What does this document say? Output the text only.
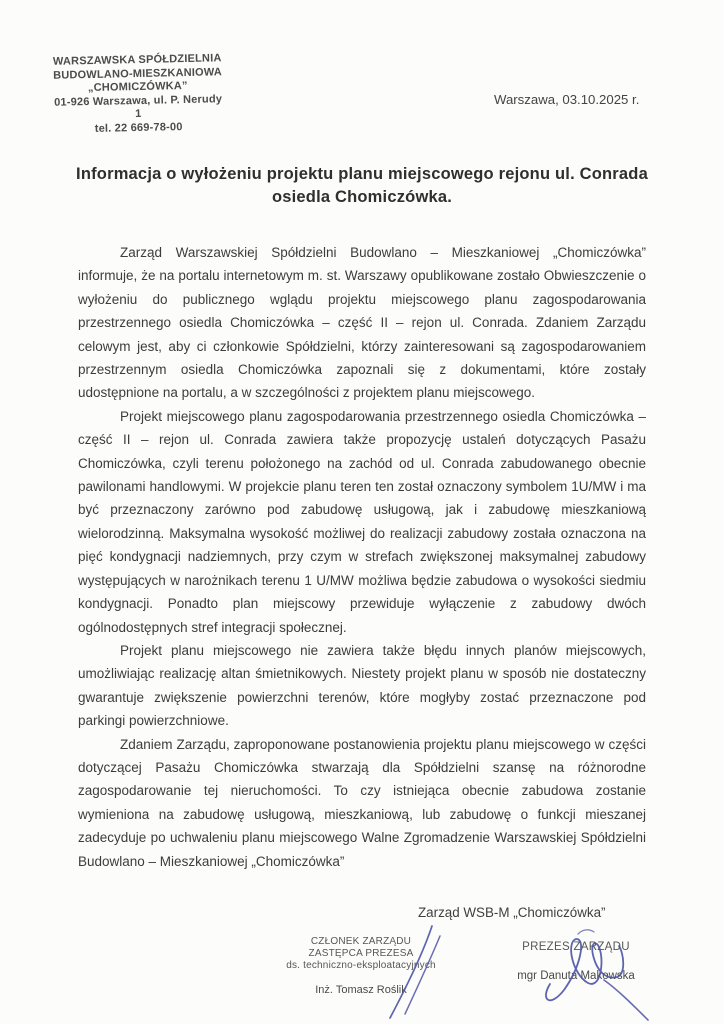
WARSZAWSKA SPÓŁDZIELNIA
BUDOWLANO-MIESZKANIOWA
„CHOMICZÓWKA”
01-926 Warszawa, ul. P. Nerudy 1
tel. 22 669-78-00
Warszawa, 03.10.2025 r.
Informacja o wyłożeniu projektu planu miejscowego rejonu ul. Conrada osiedla Chomiczówka.

Zarząd Warszawskiej Spółdzielni Budowlano – Mieszkaniowej „Chomiczówka” informuje, że na portalu internetowym m. st. Warszawy opublikowane zostało Obwieszczenie o wyłożeniu do publicznego wglądu projektu miejscowego planu zagospodarowania przestrzennego osiedla Chomiczówka – część II – rejon ul. Conrada. Zdaniem Zarządu celowym jest, aby ci członkowie Spółdzielni, którzy zainteresowani są zagospodarowaniem przestrzennym osiedla Chomiczówka zapoznali się z dokumentami, które zostały udostępnione na portalu, a w szczególności z projektem planu miejscowego.

Projekt miejscowego planu zagospodarowania przestrzennego osiedla Chomiczówka – część II – rejon ul. Conrada zawiera także propozycję ustaleń dotyczących Pasażu Chomiczówka, czyli terenu położonego na zachód od ul. Conrada zabudowanego obecnie pawilonami handlowymi. W projekcie planu teren ten został oznaczony symbolem 1U/MW i ma być przeznaczony zarówno pod zabudowę usługową, jak i zabudowę mieszkaniową wielorodzinną. Maksymalna wysokość możliwej do realizacji zabudowy została oznaczona na pięć kondygnacji nadziemnych, przy czym w strefach zwiększonej maksymalnej zabudowy występujących w narożnikach terenu 1 U/MW możliwa będzie zabudowa o wysokości siedmiu kondygnacji. Ponadto plan miejscowy przewiduje wyłączenie z zabudowy dwóch ogólnodostępnych stref integracji społecznej.

Projekt planu miejscowego nie zawiera także błędu innych planów miejscowych, umożliwiając realizację altan śmietnikowych. Niestety projekt planu w sposób nie dostateczny gwarantuje zwiększenie powierzchni terenów, które mogłyby zostać przeznaczone pod parkingi powierzchniowe.

Zdaniem Zarządu, zaproponowane postanowienia projektu planu miejscowego w części dotyczącej Pasażu Chomiczówka stwarzają dla Spółdzielni szansę na różnorodne zagospodarowanie tej nieruchomości. To czy istniejąca obecnie zabudowa zostanie wymieniona na zabudowę usługową, mieszkaniową, lub zabudowę o funkcji mieszanej zadecyduje po uchwaleniu planu miejscowego Walne Zgromadzenie Warszawskiej Spółdzielni Budowlano – Mieszkaniowej „Chomiczówka”

Zarząd WSB-M „Chomiczówka”
CZŁONEK ZARZĄDU
ZASTĘPCA PREZESA
ds. techniczno-eksploatacyjnych
Inż. Tomasz Roślik
PREZES ZARZĄDU
mgr Danuta Makowska
